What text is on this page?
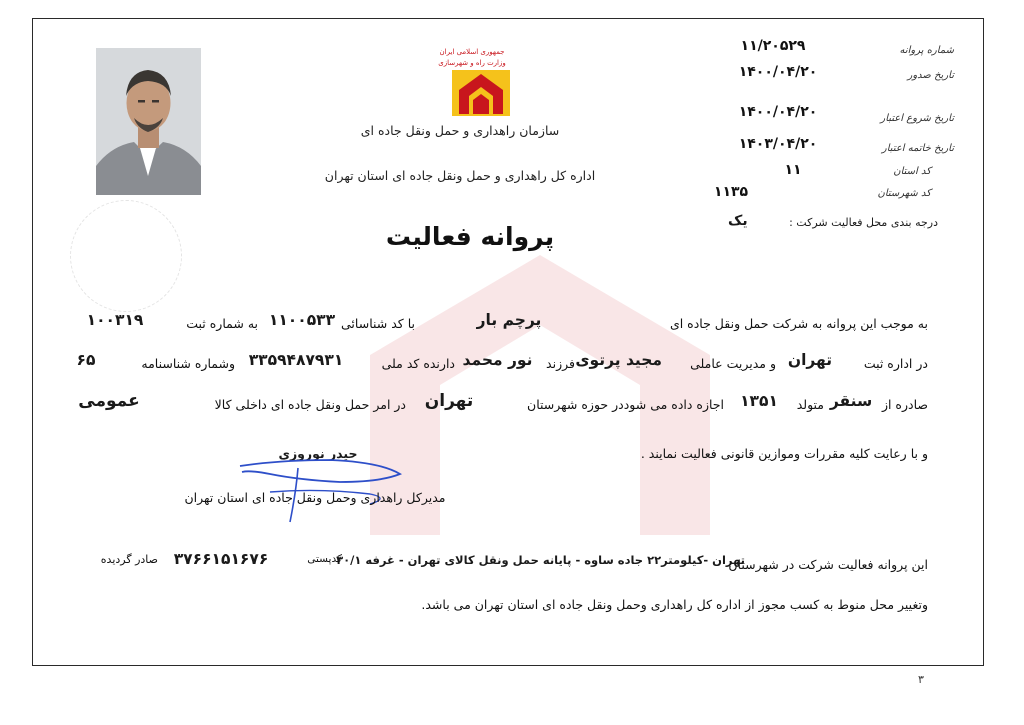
جمهوری اسلامی ایران
وزارت راه و شهرسازی
سازمان راهداری و حمل ونقل جاده ای
اداره کل راهداری و حمل ونقل جاده ای استان تهران
شماره پروانه
۱۱/۲۰۵۲۹
تاریخ صدور
۱۴۰۰/۰۴/۲۰
تاریخ شروع اعتبار
۱۴۰۰/۰۴/۲۰
تاریخ خاتمه اعتبار
۱۴۰۳/۰۴/۲۰
کد استان
۱۱
کد شهرستان
۱۱۳۵
درجه بندی محل فعالیت شرکت :
یک
پروانه فعالیت
به موجب این پروانه به شرکت حمل ونقل جاده ای
پرچم بار
با کد شناسائی
۱۱۰۰۵۳۳
به شماره ثبت
۱۰۰۳۱۹
در اداره ثبت
تهران
و مدیریت عاملی
مجید پرتوی
فرزند
نور محمد
دارنده کد ملی
۳۳۵۹۴۸۷۹۳۱
وشماره شناسنامه
۶۵
صادره از
سنقر
متولد
۱۳۵۱
اجازه داده می شوددر حوزه شهرستان
تهران
در امر حمل ونقل جاده ای داخلی کالا
عمومی
و با رعایت کلیه مقررات وموازین قانونی فعالیت نمایند .
حیدر نوروزی
مدیرکل راهداری وحمل ونقل جاده ای استان تهران
این پروانه فعالیت شرکت در شهرستان
تهران -کیلومتر۲۲ جاده ساوه - پایانه حمل ونقل کالای تهران - غرفه ۳۰/۱
کدپستی
۳۷۶۶۱۵۱۶۷۶
صادر گردیده
وتغییر محل منوط به کسب مجوز از اداره کل راهداری وحمل ونقل جاده ای استان تهران می باشد.
۳
